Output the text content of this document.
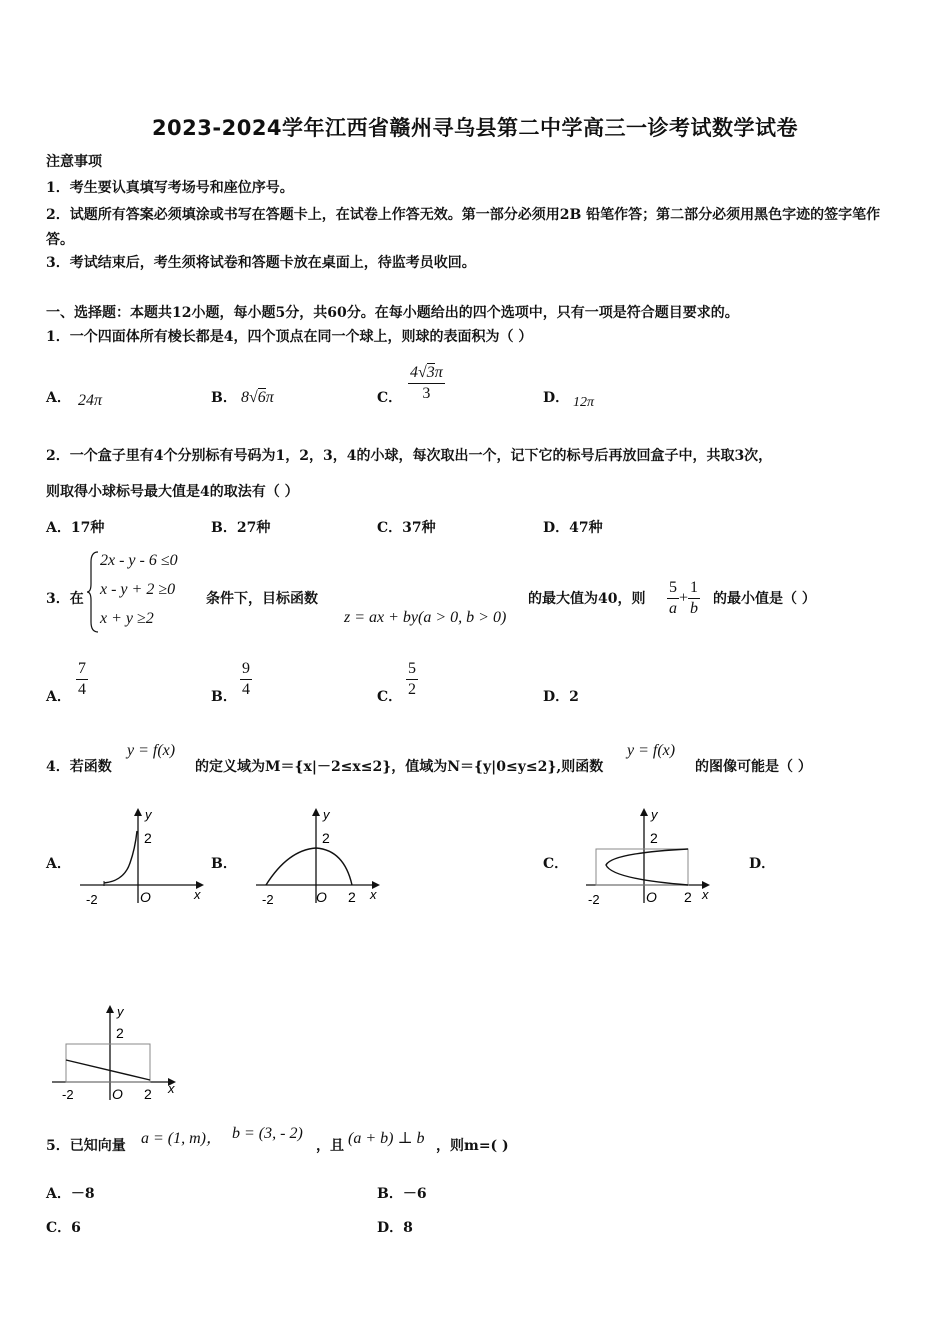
2023-2024学年江西省赣州寻乌县第二中学高三一诊考试数学试卷
注意事项
1．考生要认真填写考场号和座位序号。
2．试题所有答案必须填涂或书写在答题卡上，在试卷上作答无效。第一部分必须用2B 铅笔作答；第二部分必须用黑色字迹的签字笔作答。
3．考试结束后，考生须将试卷和答题卡放在桌面上，待监考员收回。
一、选择题：本题共12小题，每小题5分，共60分。在每小题给出的四个选项中，只有一项是符合题目要求的。
1．一个四面体所有棱长都是4，四个顶点在同一个球上，则球的表面积为（ ）
A． 24π	B． 8√6π	C． $\frac{4√3\pi}{3}$	D． 12π
2．一个盒子里有4个分别标有号码为1，2，3，4的小球，每次取出一个，记下它的标号后再放回盒子中，共取3次，
则取得小球标号最大值是4的取法有（ ）
A．17种	B．27种	C．37种	D．47种
3．在
2x - y - 6 ≤0
x - y + 2 ≥0
x + y ≥2
条件下，目标函数
z = ax + by(a > 0, b > 0)
的最大值为40，则 $\frac{5}{a} + \frac{1}{b}$ 的最小值是（ ）
A． $\frac{7}{4}$	B． $\frac{9}{4}$	C． $\frac{5}{2}$	D．2
4．若函数
y = f(x)
的定义域为M＝{x|－2≤x≤2}，值域为N＝{y|0≤y≤2},则函数
y = f(x)
的图像可能是（ ）
A．	B．	C．	D．
y
2
-2	O	x
y
2
-2	O 2 x
y
2
-2	O 2 x
y
2
-2	O 2 x
5．已知向量 a = (1, m)， b = (3, - 2)
，且 (a + b) ⊥ b ，则m=( )
A．－8	B．－6
C．6	D．8
